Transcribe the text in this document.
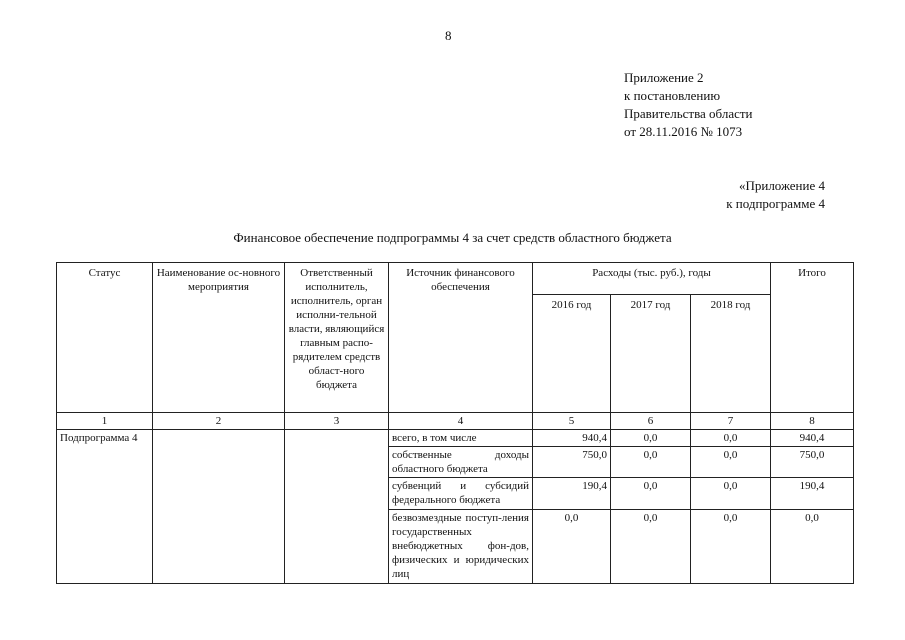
8
Приложение 2
к постановлению
Правительства области
от 28.11.2016 № 1073
«Приложение 4
к подпрограмме 4
Финансовое обеспечение подпрограммы 4 за счет средств областного бюджета
Статус	Наименование ос-новного мероприятия	Ответственный исполнитель, исполнитель, орган исполни-тельной власти, являющийся главным распо-рядителем средств област-ного бюджета	Источник финансового обеспечения	Расходы (тыс. руб.), годы			Итого
				2016 год	2017 год	2018 год	
1	2	3	4	5	6	7	8
Подпрограмма 4			всего, в том числе	940,4	0,0	0,0	940,4
			собственные доходы областного бюджета	750,0	0,0	0,0	750,0
			субвенций и субсидий федерального бюджета	190,4	0,0	0,0	190,4
			безвозмездные поступ-ления государственных внебюджетных фон-дов, физических и юридических лиц	0,0	0,0	0,0	0,0
